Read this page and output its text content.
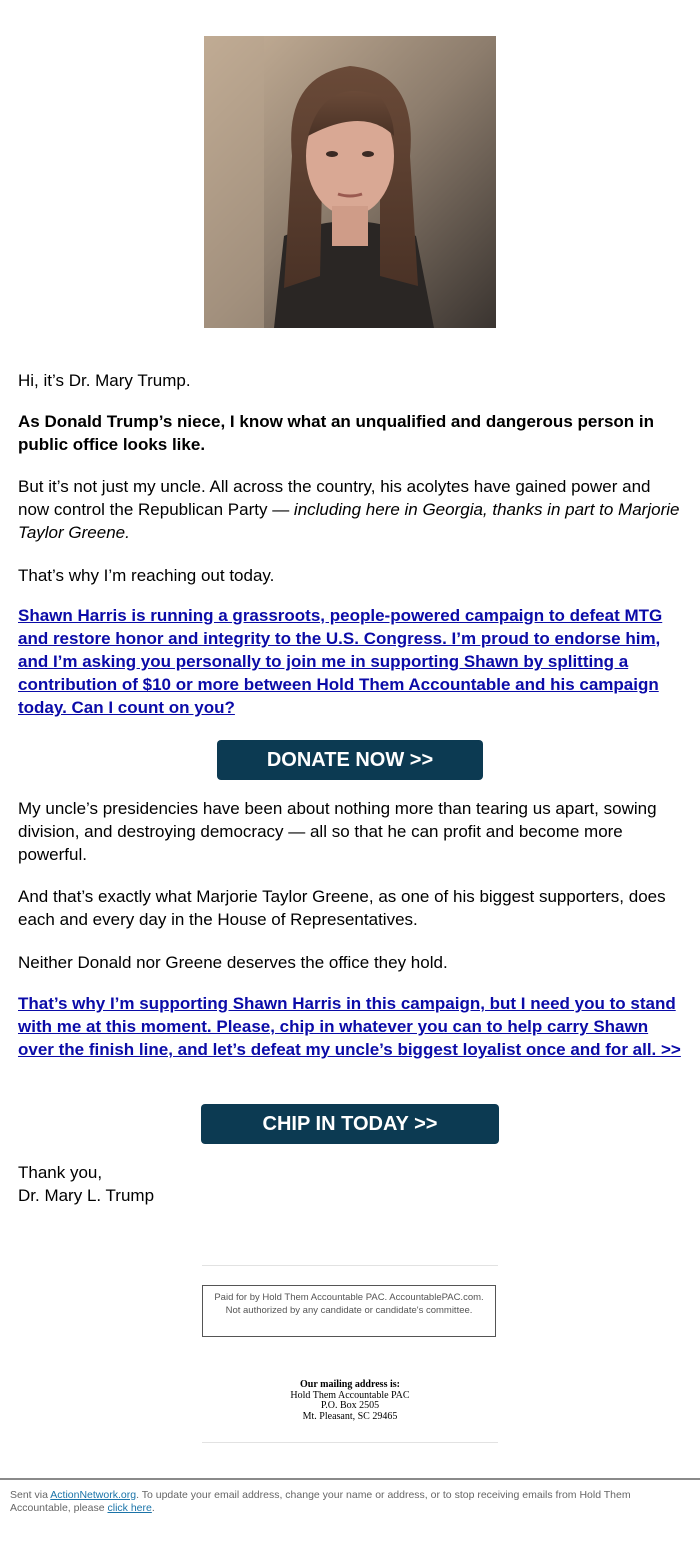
Hi, it’s Dr. Mary Trump.

As Donald Trump’s niece, I know what an unqualified and dangerous person in public office looks like.

But it’s not just my uncle. All across the country, his acolytes have gained power and now control the Republican Party — including here in Georgia, thanks in part to Marjorie Taylor Greene.

That’s why I’m reaching out today.

Shawn Harris is running a grassroots, people-powered campaign to defeat MTG and restore honor and integrity to the U.S. Congress. I’m proud to endorse him, and I’m asking you personally to join me in supporting Shawn by splitting a contribution of $10 or more between Hold Them Accountable and his campaign today. Can I count on you?
DONATE NOW >>

My uncle’s presidencies have been about nothing more than tearing us apart, sowing division, and destroying democracy — all so that he can profit and become more powerful.

And that’s exactly what Marjorie Taylor Greene, as one of his biggest supporters, does each and every day in the House of Representatives.

Neither Donald nor Greene deserves the office they hold.

That’s why I’m supporting Shawn Harris in this campaign, but I need you to stand with me at this moment. Please, chip in whatever you can to help carry Shawn over the finish line, and let’s defeat my uncle’s biggest loyalist once and for all. >>
CHIP IN TODAY >>

Thank you,

Dr. Mary L. Trump

Paid for by Hold Them Accountable PAC. AccountablePAC.com. Not authorized by any candidate or candidate's committee.
Our mailing address is:
Hold Them Accountable PAC
P.O. Box 2505
Mt. Pleasant, SC 29465
Sent via ActionNetwork.org. To update your email address, change your name or address, or to stop receiving emails from Hold Them Accountable, please click here.
